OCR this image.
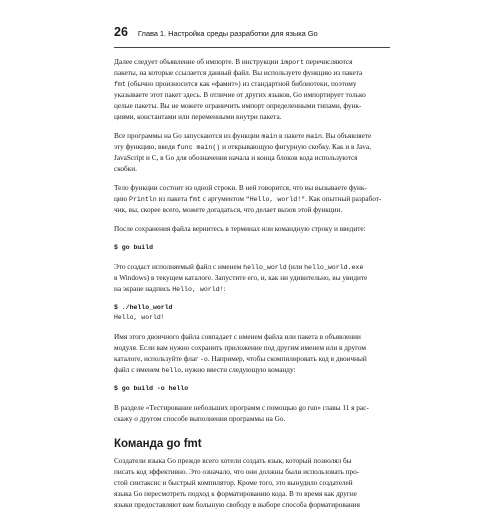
26 Глава 1. Настройка среды разработки для языка Go

Далее следует объявление об импорте. В инструкции import перечисляются
пакеты, на которые ссылается данный файл. Вы используете функцию из пакета
fmt (обычно произносится как «фамит») из стандартной библиотеки, поэтому
указываете этот пакет здесь. В отличие от других языков, Go импортирует только
целые пакеты. Вы не можете ограничить импорт определенными типами, функ-
циями, константами или переменными внутри пакета.

Все программы на Go запускаются из функции main в пакете main. Вы объявляете
эту функцию, введя func main() и открывающую фигурную скобку. Как и в Java,
JavaScript и C, в Go для обозначения начала и конца блоков кода используются
скобки.

Тело функции состоит из одной строки. В ней говорится, что вы вызываете функ-
цию Println из пакета fmt с аргументом "Hello, world!". Как опытный разработ-
чик, вы, скорее всего, можете догадаться, что делает вызов этой функции.

После сохранения файла вернитесь в терминал или командную строку и введите:

$ go build

Это создаст исполняемый файл с именем hello_world (или hello_world.exe
в Windows) в текущем каталоге. Запустите его, и, как ни удивительно, вы увидите
на экране надпись Hello, world!:

$ ./hello_world
Hello, world!

Имя этого двоичного файла совпадает с именем файла или пакета в объявлении
модуля. Если вам нужно сохранить приложение под другим именем или в другом
каталоге, используйте флаг -o. Например, чтобы скомпилировать код в двоичный
файл с именем hello, нужно ввести следующую команду:

$ go build -o hello

В разделе «Тестирование небольших программ с помощью go run» главы 11 я рас-
скажу о другом способе выполнения программы на Go.

Команда go fmt

Создатели языка Go прежде всего хотели создать язык, который позволял бы
писать код эффективно. Это означало, что они должны были использовать про-
стой синтаксис и быстрый компилятор. Кроме того, это вынудило создателей
языка Go пересмотреть подход к форматированию кода. В то время как другие
языки предоставляют вам большую свободу в выборе способа форматирования
